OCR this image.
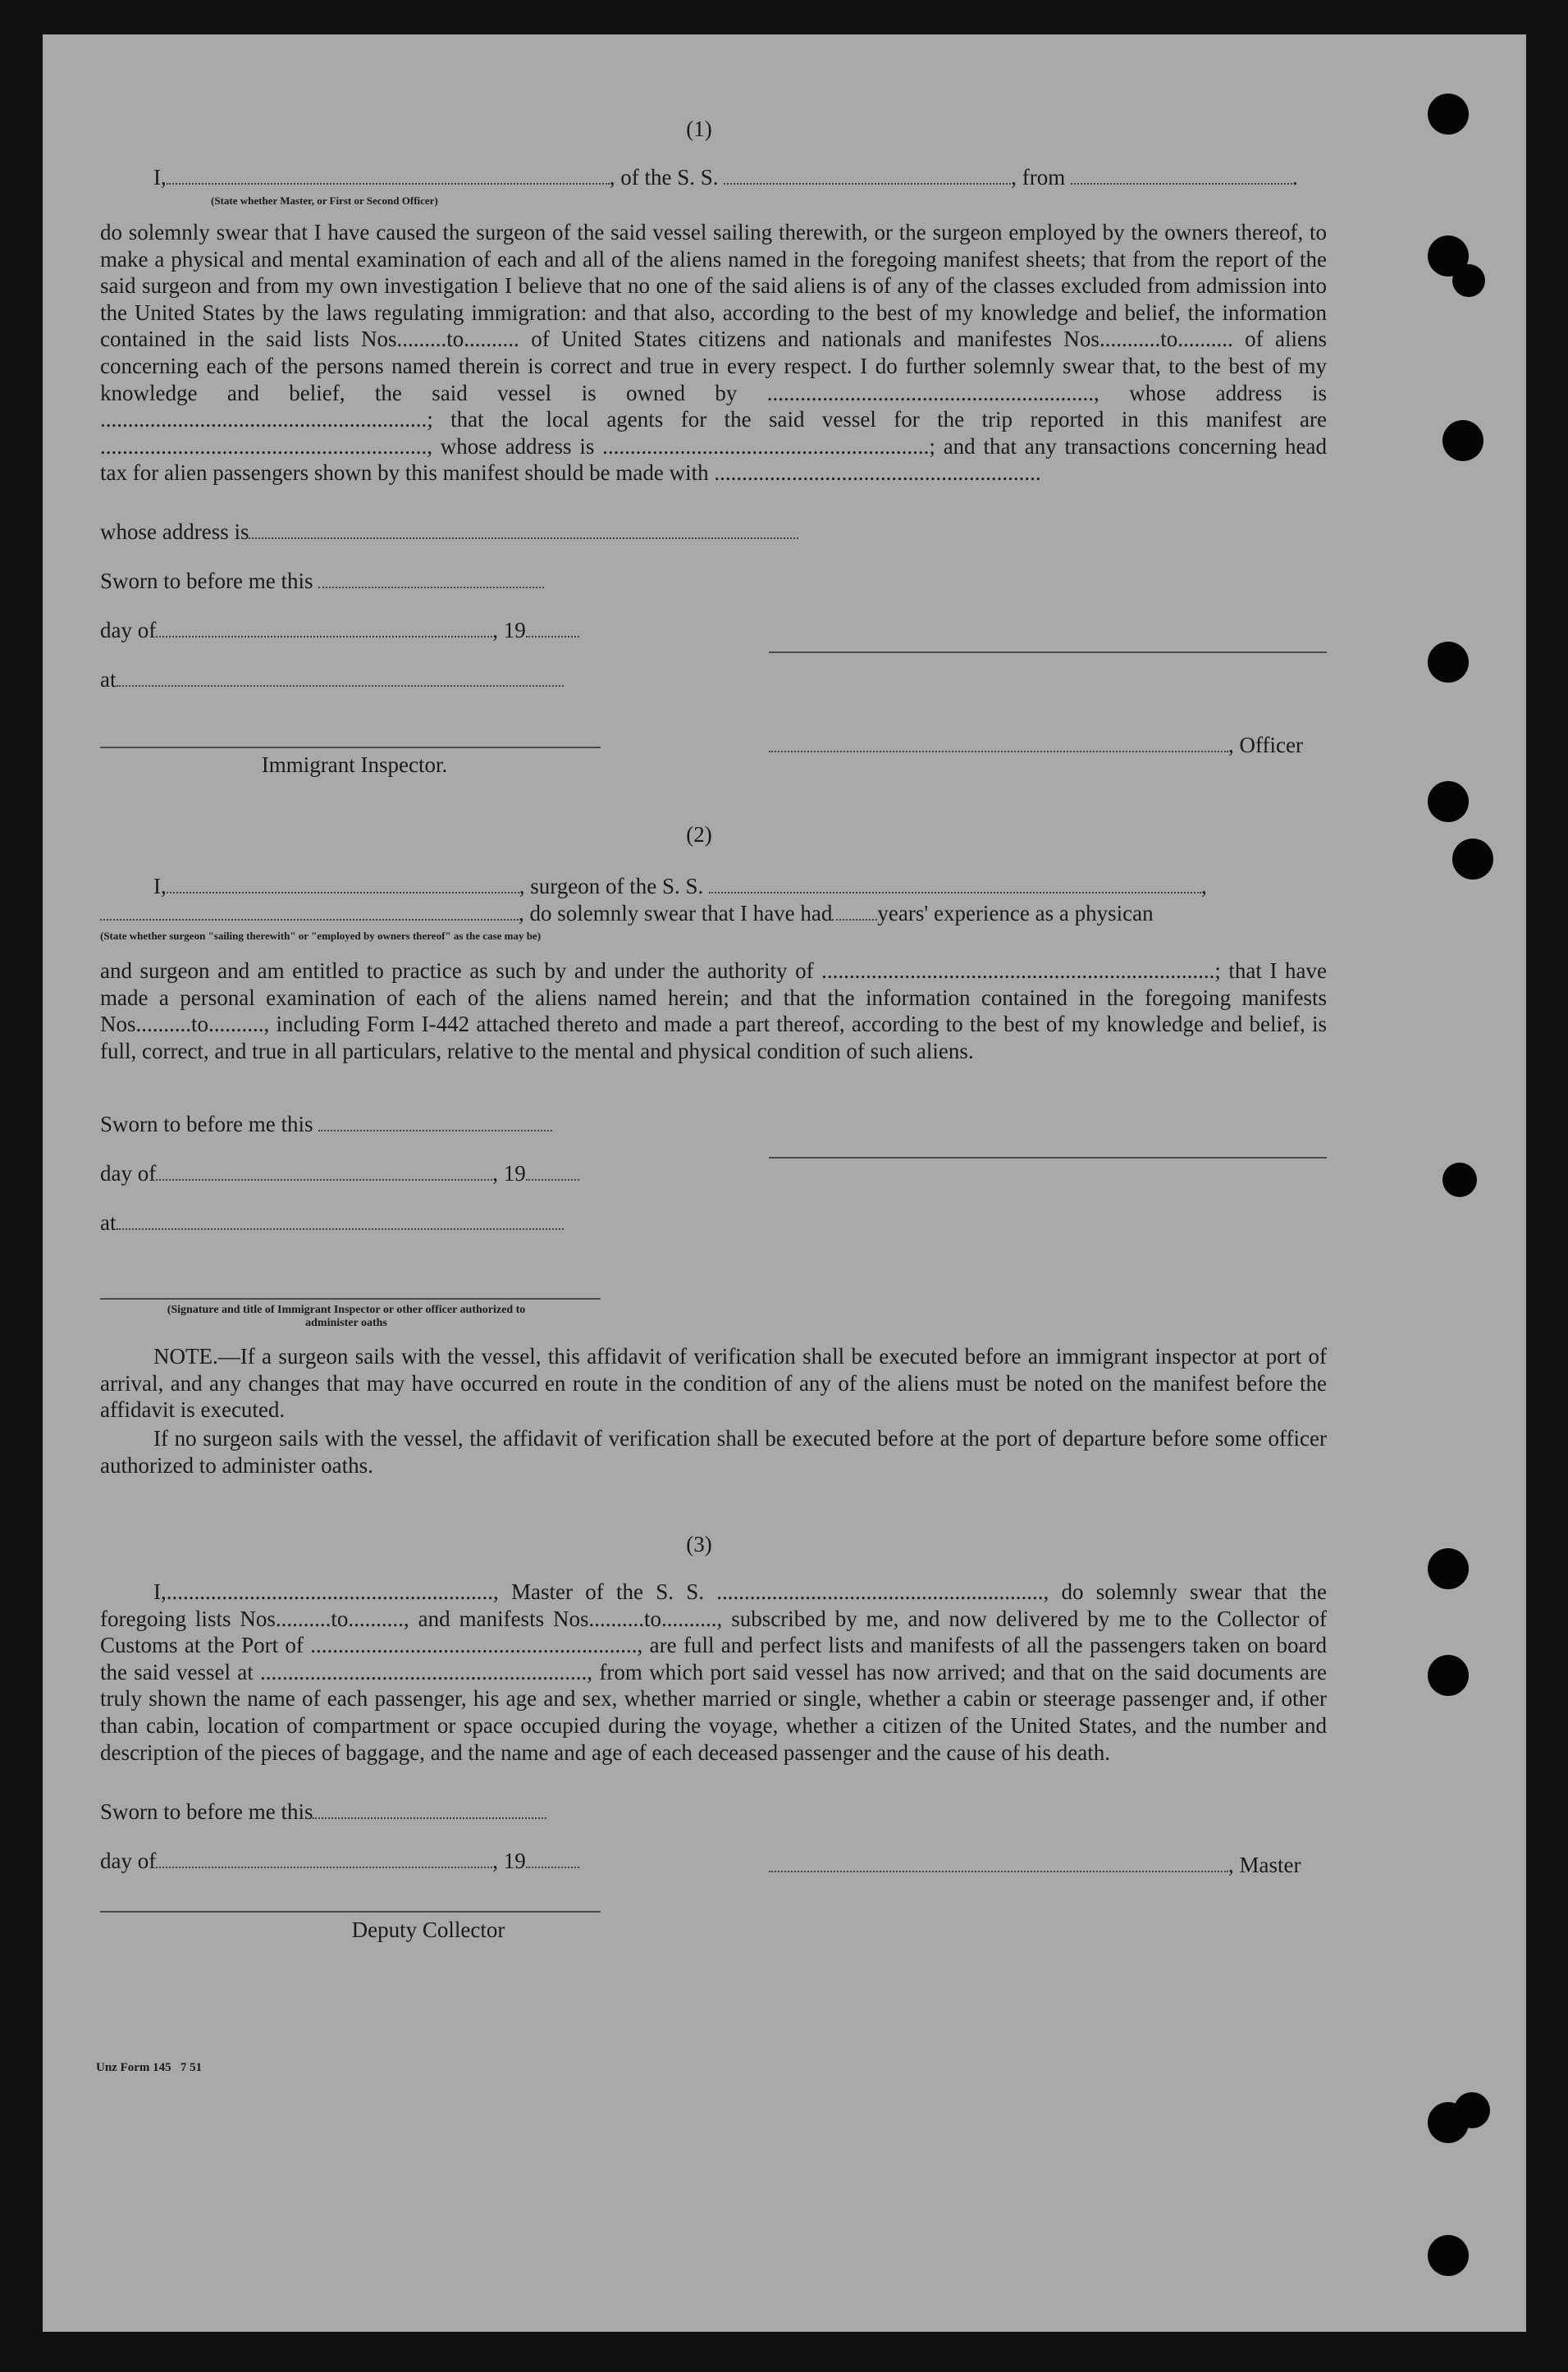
(1)
I,	, of the S. S.	, from	.
(State whether Master, or First or Second Officer)
do solemnly swear that I have caused the surgeon of the said vessel sailing therewith, or the surgeon employed by the owners thereof, to make a physical and mental examination of each and all of the aliens named in the foregoing manifest sheets; that from the report of the said surgeon and from my own investigation I believe that no one of the said aliens is of any of the classes excluded from admission into the United States by the laws regulating immigration: and that also, according to the best of my knowledge and belief, the information contained in the said lists Nos.........to.......... of United States citizens and nationals and manifestes Nos...........to.......... of aliens concerning each of the persons named therein is correct and true in every respect. I do further solemnly swear that, to the best of my knowledge and belief, the said vessel is owned by ..........................................................., whose address is ...........................................................; that the local agents for the said vessel for the trip reported in this manifest are ..........................................................., whose address is ...........................................................; and that any transactions concerning head tax for alien passengers shown by this manifest should be made with ...........................................................
whose address is
Sworn to before me this
day of	, 19
at
, Officer
Immigrant Inspector.
(2)
I,	, surgeon of the S. S.	,
, do solemnly swear that I have had years' experience as a physican
(State whether surgeon "sailing therewith" or "employed by owners thereof" as the case may be)
and surgeon and am entitled to practice as such by and under the authority of .......................................................................; that I have made a personal examination of each of the aliens named herein; and that the information contained in the foregoing manifests Nos..........to.........., including Form I-442 attached thereto and made a part thereof, according to the best of my knowledge and belief, is full, correct, and true in all particulars, relative to the mental and physical condition of such aliens.
Sworn to before me this
day of	, 19
at
(Signature and title of Immigrant Inspector or other officer authorized to administer oaths
NOTE.—If a surgeon sails with the vessel, this affidavit of verification shall be executed before an immigrant inspector at port of arrival, and any changes that may have occurred en route in the condition of any of the aliens must be noted on the manifest before the affidavit is executed.
If no surgeon sails with the vessel, the affidavit of verification shall be executed before at the port of departure before some officer authorized to administer oaths.
(3)
I,..........................................................., Master of the S. S. ..........................................................., do solemnly swear that the foregoing lists Nos..........to.........., and manifests Nos..........to.........., subscribed by me, and now delivered by me to the Collector of Customs at the Port of ..........................................................., are full and perfect lists and manifests of all the passengers taken on board the said vessel at ..........................................................., from which port said vessel has now arrived; and that on the said documents are truly shown the name of each passenger, his age and sex, whether married or single, whether a cabin or steerage passenger and, if other than cabin, location of compartment or space occupied during the voyage, whether a citizen of the United States, and the number and description of the pieces of baggage, and the name and age of each deceased passenger and the cause of his death.
Sworn to before me this
day of	, 19	, Master
Deputy Collector
Unz Form 145   7 51
